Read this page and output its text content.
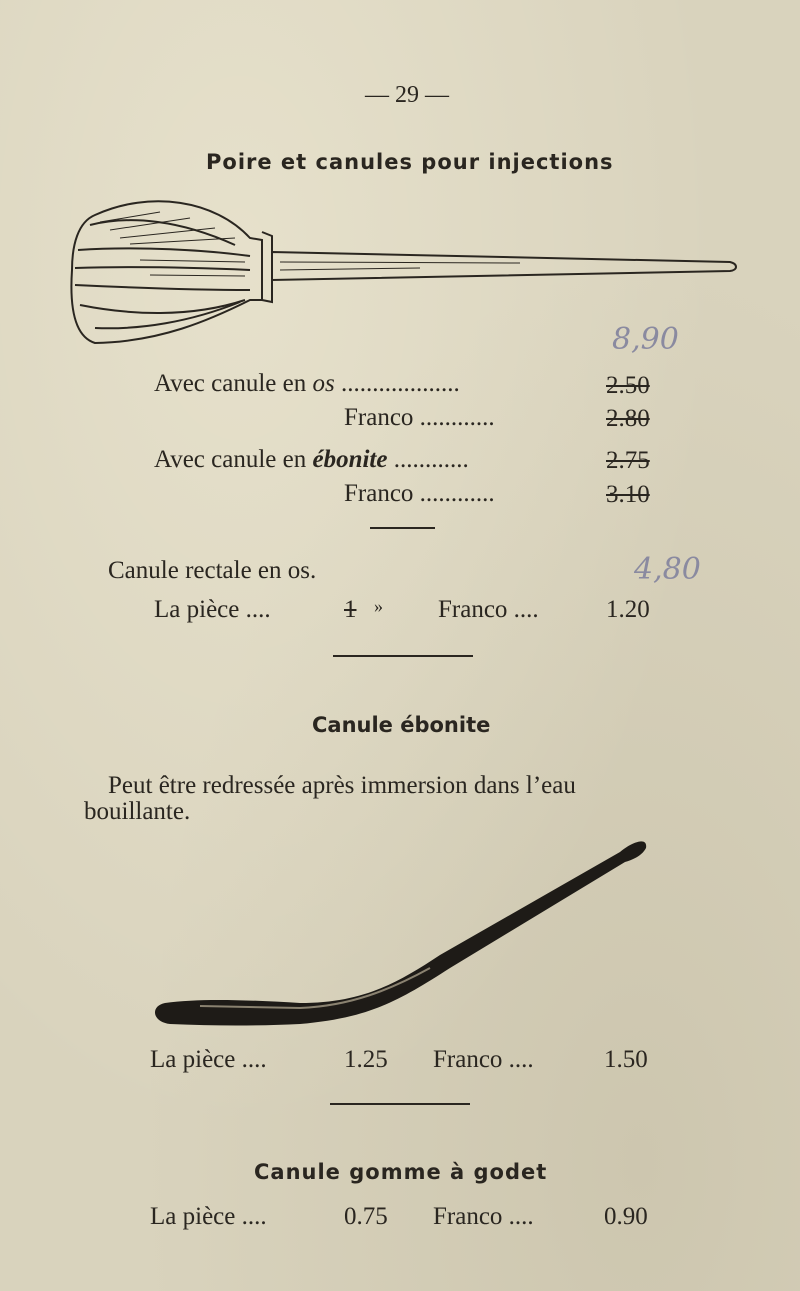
— 29 —
Poire et canules pour injections
8,90
Avec canule en os ...................	2.50
Franco ............	2.80
Avec canule en ébonite ............	2.75
Franco ............	3.10
Canule rectale en os.	4,80
La pièce ....	1 » Franco ....	1.20
Canule ébonite
Peut être redressée après immersion dans l’eau
bouillante.
La pièce ....	1.25 Franco ....	1.50
Canule gomme à godet
La pièce ....	0.75 Franco ....	0.90
